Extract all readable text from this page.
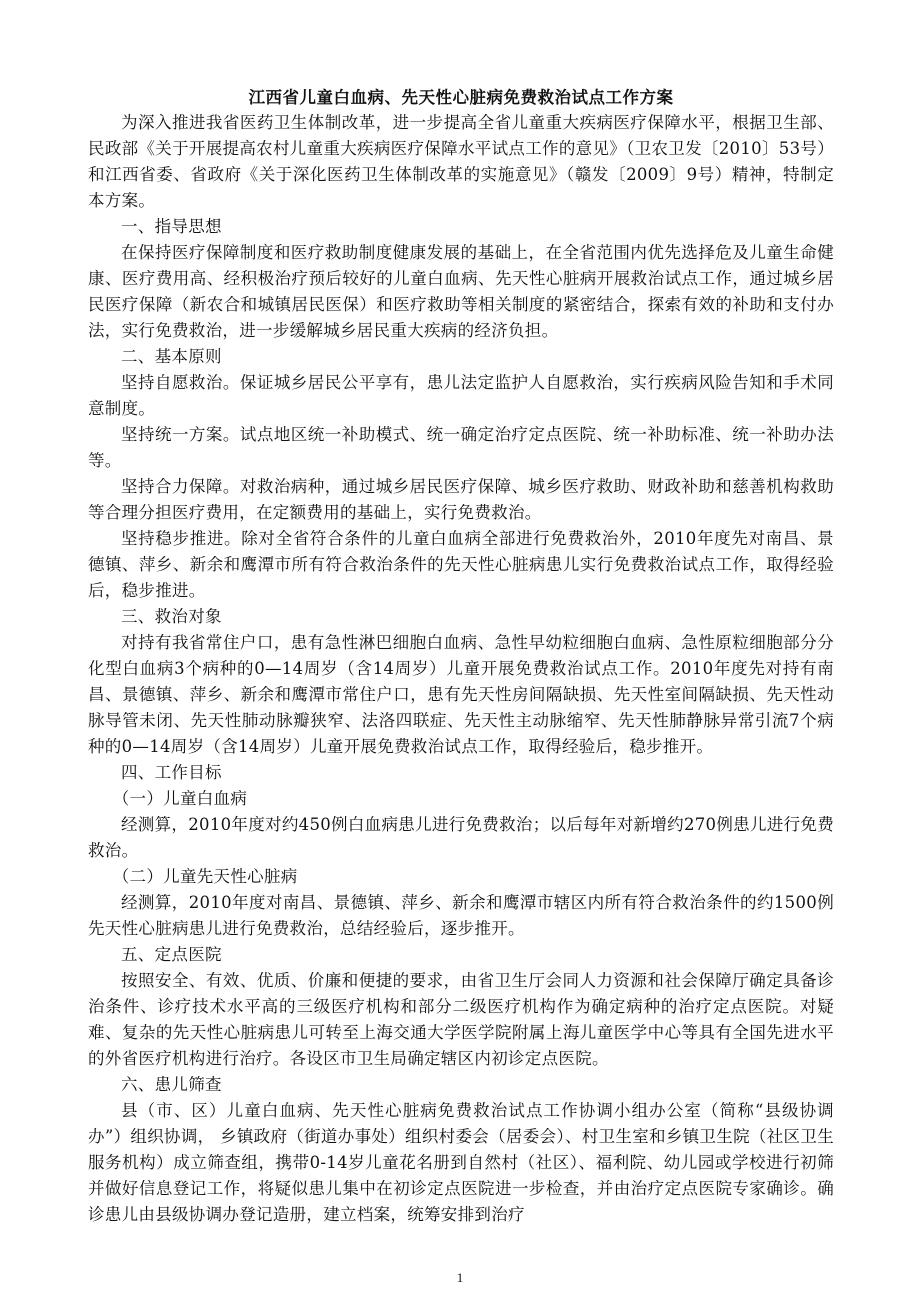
江西省儿童白血病、先天性心脏病免费救治试点工作方案

为深入推进我省医药卫生体制改革，进一步提高全省儿童重大疾病医疗保障水平，根据卫生部、民政部《关于开展提高农村儿童重大疾病医疗保障水平试点工作的意见》（卫农卫发〔2010〕53号）和江西省委、省政府《关于深化医药卫生体制改革的实施意见》（赣发〔2009〕9号）精神，特制定本方案。

一、指导思想

在保持医疗保障制度和医疗救助制度健康发展的基础上，在全省范围内优先选择危及儿童生命健康、医疗费用高、经积极治疗预后较好的儿童白血病、先天性心脏病开展救治试点工作，通过城乡居民医疗保障（新农合和城镇居民医保）和医疗救助等相关制度的紧密结合，探索有效的补助和支付办法，实行免费救治，进一步缓解城乡居民重大疾病的经济负担。

二、基本原则

坚持自愿救治。保证城乡居民公平享有，患儿法定监护人自愿救治，实行疾病风险告知和手术同意制度。

坚持统一方案。试点地区统一补助模式、统一确定治疗定点医院、统一补助标准、统一补助办法等。

坚持合力保障。对救治病种，通过城乡居民医疗保障、城乡医疗救助、财政补助和慈善机构救助等合理分担医疗费用，在定额费用的基础上，实行免费救治。

坚持稳步推进。除对全省符合条件的儿童白血病全部进行免费救治外，2010年度先对南昌、景德镇、萍乡、新余和鹰潭市所有符合救治条件的先天性心脏病患儿实行免费救治试点工作，取得经验后，稳步推进。

三、救治对象

对持有我省常住户口，患有急性淋巴细胞白血病、急性早幼粒细胞白血病、急性原粒细胞部分分化型白血病3个病种的0—14周岁（含14周岁）儿童开展免费救治试点工作。2010年度先对持有南昌、景德镇、萍乡、新余和鹰潭市常住户口，患有先天性房间隔缺损、先天性室间隔缺损、先天性动脉导管未闭、先天性肺动脉瓣狭窄、法洛四联症、先天性主动脉缩窄、先天性肺静脉异常引流7个病种的0—14周岁（含14周岁）儿童开展免费救治试点工作，取得经验后，稳步推开。

四、工作目标

（一）儿童白血病

经测算，2010年度对约450例白血病患儿进行免费救治；以后每年对新增约270例患儿进行免费救治。

（二）儿童先天性心脏病

经测算，2010年度对南昌、景德镇、萍乡、新余和鹰潭市辖区内所有符合救治条件的约1500例先天性心脏病患儿进行免费救治，总结经验后，逐步推开。

五、定点医院

按照安全、有效、优质、价廉和便捷的要求，由省卫生厅会同人力资源和社会保障厅确定具备诊治条件、诊疗技术水平高的三级医疗机构和部分二级医疗机构作为确定病种的治疗定点医院。对疑难、复杂的先天性心脏病患儿可转至上海交通大学医学院附属上海儿童医学中心等具有全国先进水平的外省医疗机构进行治疗。各设区市卫生局确定辖区内初诊定点医院。

六、患儿筛查

县（市、区）儿童白血病、先天性心脏病免费救治试点工作协调小组办公室（简称“县级协调办”）组织协调， 乡镇政府（街道办事处）组织村委会（居委会）、村卫生室和乡镇卫生院（社区卫生服务机构）成立筛查组，携带0-14岁儿童花名册到自然村（社区）、福利院、幼儿园或学校进行初筛并做好信息登记工作，将疑似患儿集中在初诊定点医院进一步检查，并由治疗定点医院专家确诊。确诊患儿由县级协调办登记造册，建立档案，统筹安排到治疗

1
